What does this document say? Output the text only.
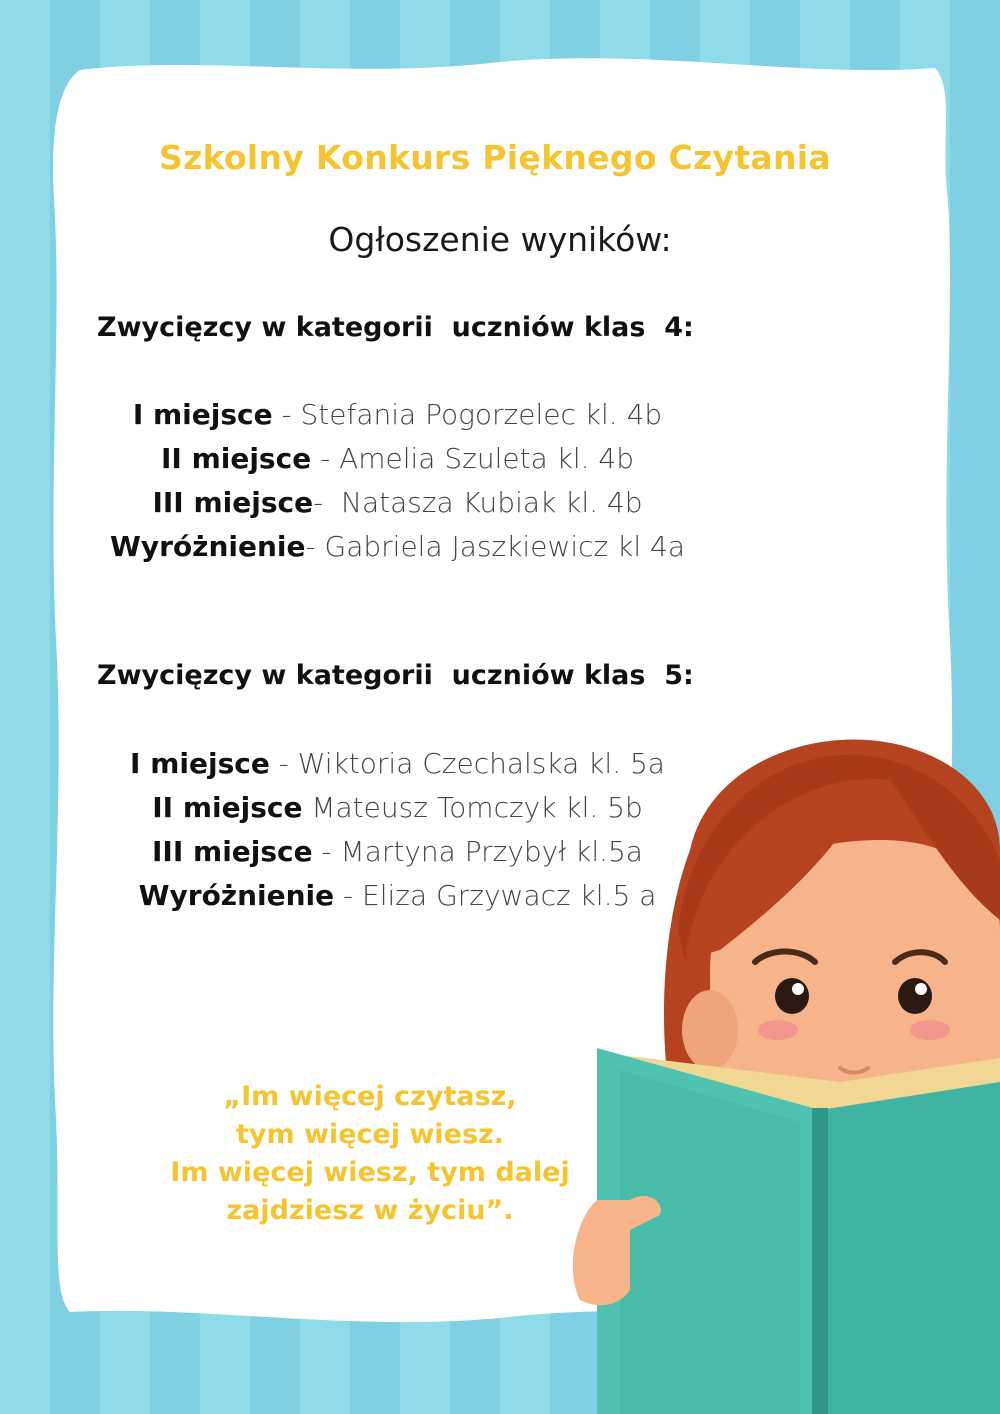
Szkolny Konkurs Pięknego Czytania
Ogłoszenie wyników:
Zwycięzcy w kategorii  uczniów klas  4:
I miejsce - Stefania Pogorzelec kl. 4b
II miejsce - Amelia Szuleta kl. 4b
III miejsce-  Natasza Kubiak kl. 4b
Wyróżnienie- Gabriela Jaszkiewicz kl 4a
Zwycięzcy w kategorii  uczniów klas  5:
I miejsce - Wiktoria Czechalska kl. 5a
II miejsce Mateusz Tomczyk kl. 5b
III miejsce - Martyna Przybył kl.5a
Wyróżnienie - Eliza Grzywacz kl.5 a
„Im więcej czytasz,
tym więcej wiesz.
Im więcej wiesz, tym dalej
zajdziesz w życiu”.
